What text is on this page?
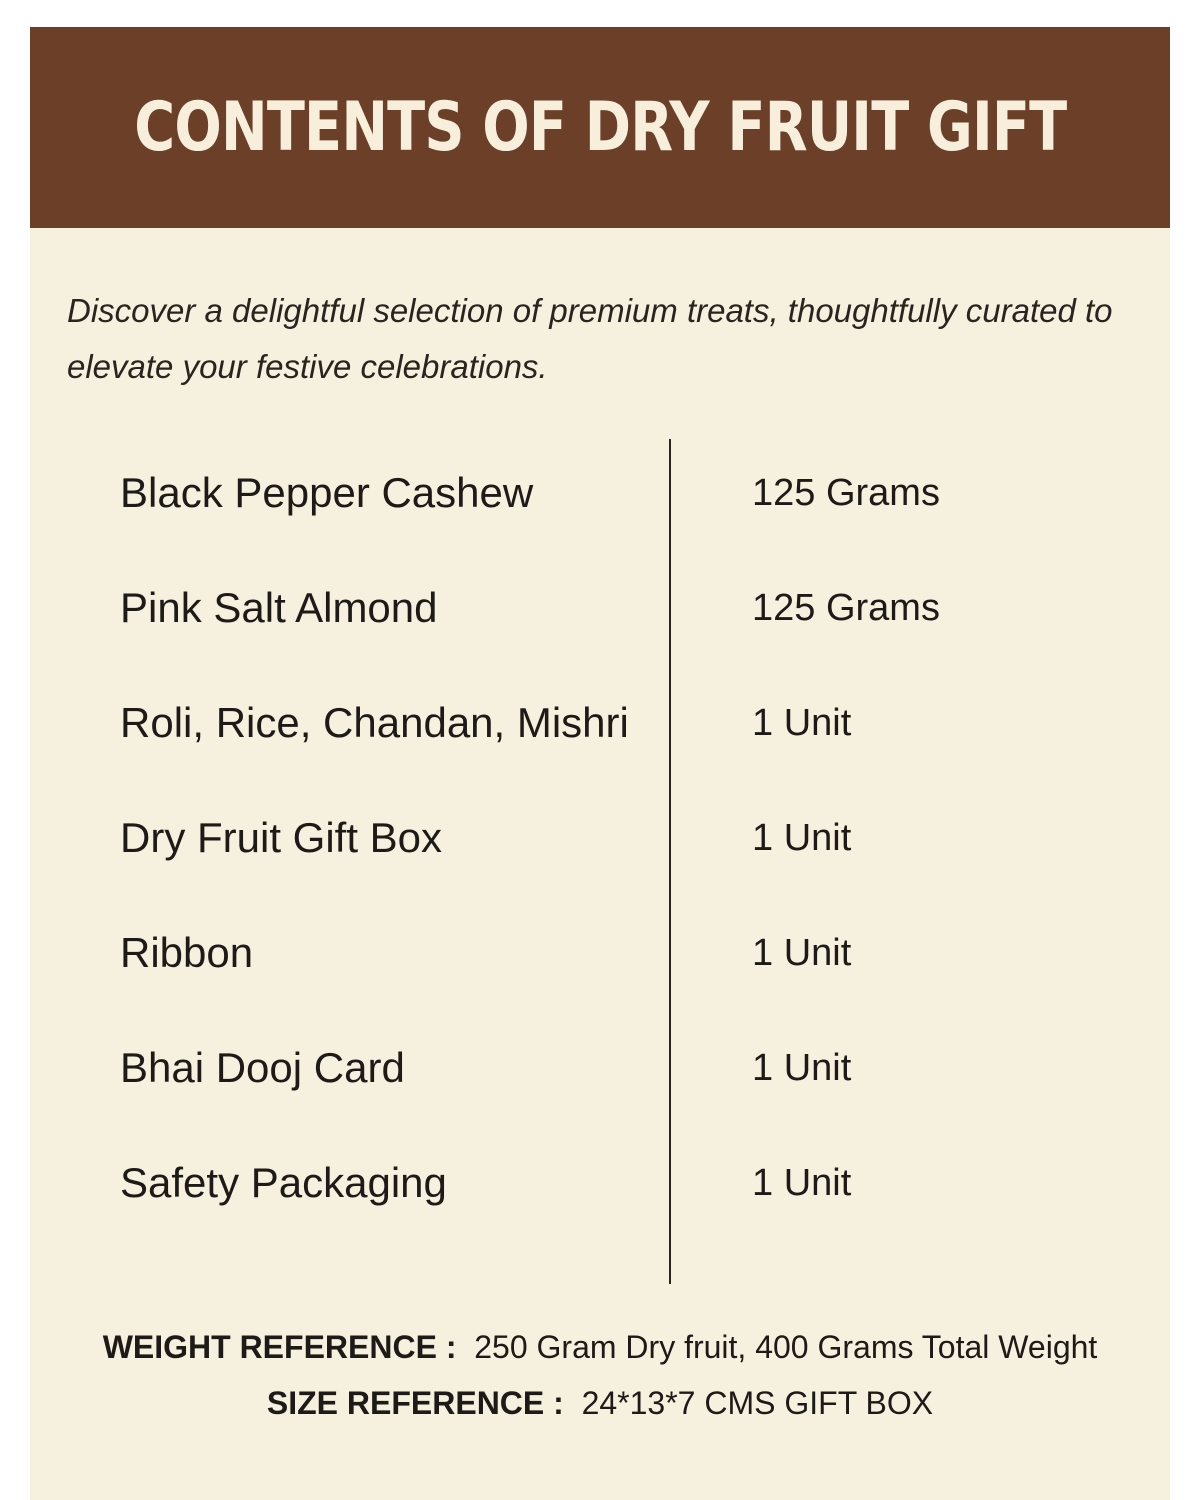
CONTENTS OF DRY FRUIT GIFT

Discover a delightful selection of premium treats, thoughtfully curated to elevate your festive celebrations.

Black Pepper Cashew	125 Grams
Pink Salt Almond	125 Grams
Roli, Rice, Chandan, Mishri	1 Unit
Dry Fruit Gift Box	1 Unit
Ribbon	1 Unit
Bhai Dooj Card	1 Unit
Safety Packaging	1 Unit
WEIGHT REFERENCE :  250 Gram Dry fruit, 400 Grams Total Weight
SIZE REFERENCE :  24*13*7 CMS GIFT BOX
